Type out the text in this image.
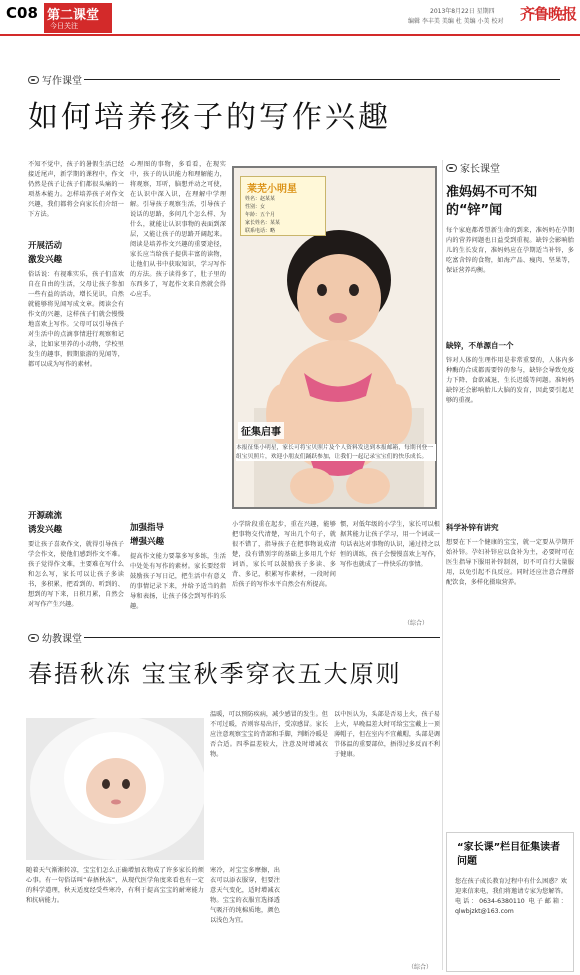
C08 第二课堂
今日关注
2013年8月22日 星期四
编辑 李丰美 美编 杜 美编 小美 校对 齐鲁晚报
写作课堂
如何培养孩子的写作兴趣
不知不觉中，孩子的暑假生活已经接近尾声，新学期的课程中，作文仍然是孩子让孩子们都很头痛的一项基本能力。怎样培养孩子对作文兴趣，我们都将会向家长们介绍一下方法。
开展活动
激发兴趣
俗话说：有视难实乐，孩子们喜欢自在自由的生活，父母让孩子参加一些有益的活动，增长见识，自然就能够将见闻写成文章。阅读会有作文的兴趣，这样孩子们就会慢慢地喜欢上写作。父母可以引导孩子对生活中的点滴事情进行观察和记录，比如家里养的小动物，学校里发生的趣事，假期旅游的见闻等，都可以成为写作的素材。
开源疏流
诱发兴趣
要让孩子喜欢作文，就得引导孩子学会作文，使他们感到作文不难。孩子觉得作文难，主要难在写什么和怎么写，家长可以让孩子多读书，多积累，把看到的、听到的、想到的写下来，日积月累，自然会对写作产生兴趣。
心理图的事物，多看看，在现实中，孩子的认识能力和理解能力，将观察，耳听，脑想并动之可使，在认识中深入识，在理解中学理解。引导孩子观察生活，引导孩子说话的思路，多问几个怎么样、为什么，就能让认识事物的表面到深层，又能让孩子的思路开阔起来。阅读是培养作文兴趣的重要途径，家长应当给孩子提供丰富的读物，让他们从书中获取知识，学习写作的方法。孩子读得多了，肚子里的东西多了，写起作文来自然就会得心应手。
加强指导
增强兴趣
提高作文能力要靠多写多练，生活中处处有写作的素材。家长要经常鼓励孩子写日记，把生活中有意义的事情记录下来，并给予适当的指导和表扬，让孩子体会到写作的乐趣。
小学阶段重在起步，重在兴趣，能够把事物交代清楚，写出几个句子，就很不错了，指导孩子在把事物说成清楚，没有错别字的基础上多用几个好词语，家长可以鼓励孩子多读、多背、多记，积累写作素材，一段时间后孩子的写作水平自然会有所提高。
惯，对低年级的小学生，家长可以根据其能力让孩子学习，用一个词或一句话表达对事物的认识，通过持之以恒的训练，孩子会慢慢喜欢上写作，写作也就成了一件快乐的事情。
（综合）
莱芜小明星
姓名：赵某某
性别：女
年龄：五个月
家长姓名：某某
联系电话：略
征集启事
本报征集小明星，家长可将宝贝照片及个人资料发送到本报邮箱，每期刊登一组宝贝照片，欢迎小朋友们踊跃参加，让我们一起记录宝宝们的快乐成长。
家长课堂
准妈妈不可不知的“锌”闻
每个家庭都希望新生命的到来，准妈妈在孕期内的营养问题也日益受到重视。缺锌会影响胎儿的生长发育，准妈妈应在孕期适当补锌，多吃富含锌的食物，如海产品、瘦肉、坚果等，保证营养均衡。
缺锌，不单源自一个
锌对人体的生理作用是非常重要的，人体内多种酶的合成都需要锌的参与，缺锌会导致免疫力下降、食欲减退、生长迟缓等问题。准妈妈缺锌还会影响胎儿大脑的发育，因此要引起足够的重视。
科学补锌有讲究
想要在下一个健康的宝宝，就一定要从孕期开始补锌。孕妇补锌应以食补为主，必要时可在医生指导下服用补锌制剂，切不可自行大量服用，以免引起不良反应。同时还应注意合理搭配饮食，多样化摄取营养。
“家长课”栏目征集读者问题
您在孩子成长教育过程中有什么困惑？欢迎来信来电，我们将邀请专家为您解答。电话：0634-6380110 电子邮箱：qlwbjzkt@163.com
幼教课堂
春捂秋冻 宝宝秋季穿衣五大原则
随着天气渐渐转凉，宝宝们怎么正确增加衣物成了许多家长的烦心事。有一句俗话叫“春捂秋冻”，从现代医学角度来看也有一定的科学道理，秋天适度经受些寒冷，有利于提高宝宝的耐寒能力和抗病能力。
寒冷，对宝宝多摩擦，出衣可以添衣服穿，但要注意天气变化，适时增减衣物。宝宝的衣服宜选择透气吸汗的纯棉质地，颜色以浅色为宜。
温暖，可以预防疾病，减少感冒的发生。但不可过暖，否则容易出汗，受凉感冒。家长应注意观察宝宝的背部和手脚，判断冷暖是否合适。四季温差较大，注意及时增减衣物。
以中医认为，头部是否易上火，孩子易上火，早晚温差大时可给宝宝戴上一顶薄帽子，但在室内不宜戴帽，头部是调节体温的重要部位，捂得过多反而不利于健康。
（综合）
